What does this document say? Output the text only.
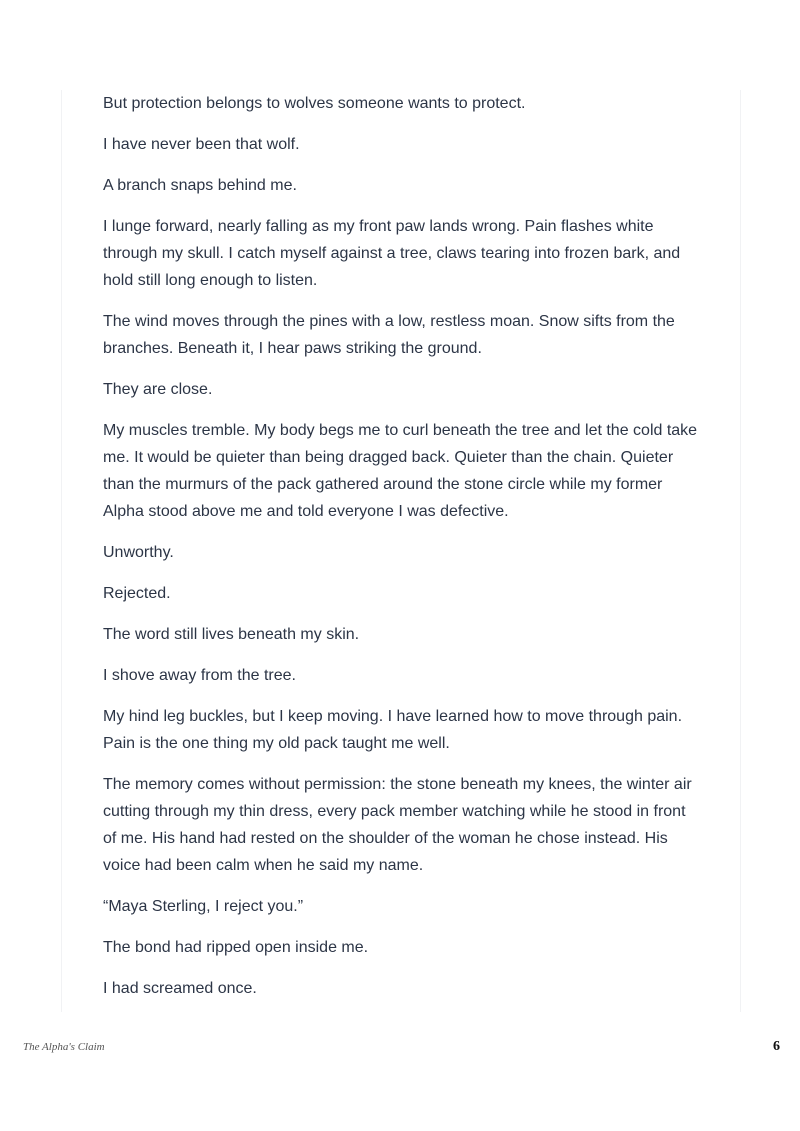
But protection belongs to wolves someone wants to protect.

I have never been that wolf.

A branch snaps behind me.

I lunge forward, nearly falling as my front paw lands wrong. Pain flashes white through my skull. I catch myself against a tree, claws tearing into frozen bark, and hold still long enough to listen.

The wind moves through the pines with a low, restless moan. Snow sifts from the branches. Beneath it, I hear paws striking the ground.

They are close.

My muscles tremble. My body begs me to curl beneath the tree and let the cold take me. It would be quieter than being dragged back. Quieter than the chain. Quieter than the murmurs of the pack gathered around the stone circle while my former Alpha stood above me and told everyone I was defective.

Unworthy.

Rejected.

The word still lives beneath my skin.

I shove away from the tree.

My hind leg buckles, but I keep moving. I have learned how to move through pain. Pain is the one thing my old pack taught me well.

The memory comes without permission: the stone beneath my knees, the winter air cutting through my thin dress, every pack member watching while he stood in front of me. His hand had rested on the shoulder of the woman he chose instead. His voice had been calm when he said my name.

“Maya Sterling, I reject you.”

The bond had ripped open inside me.

I had screamed once.

The Alpha's Claim	6
